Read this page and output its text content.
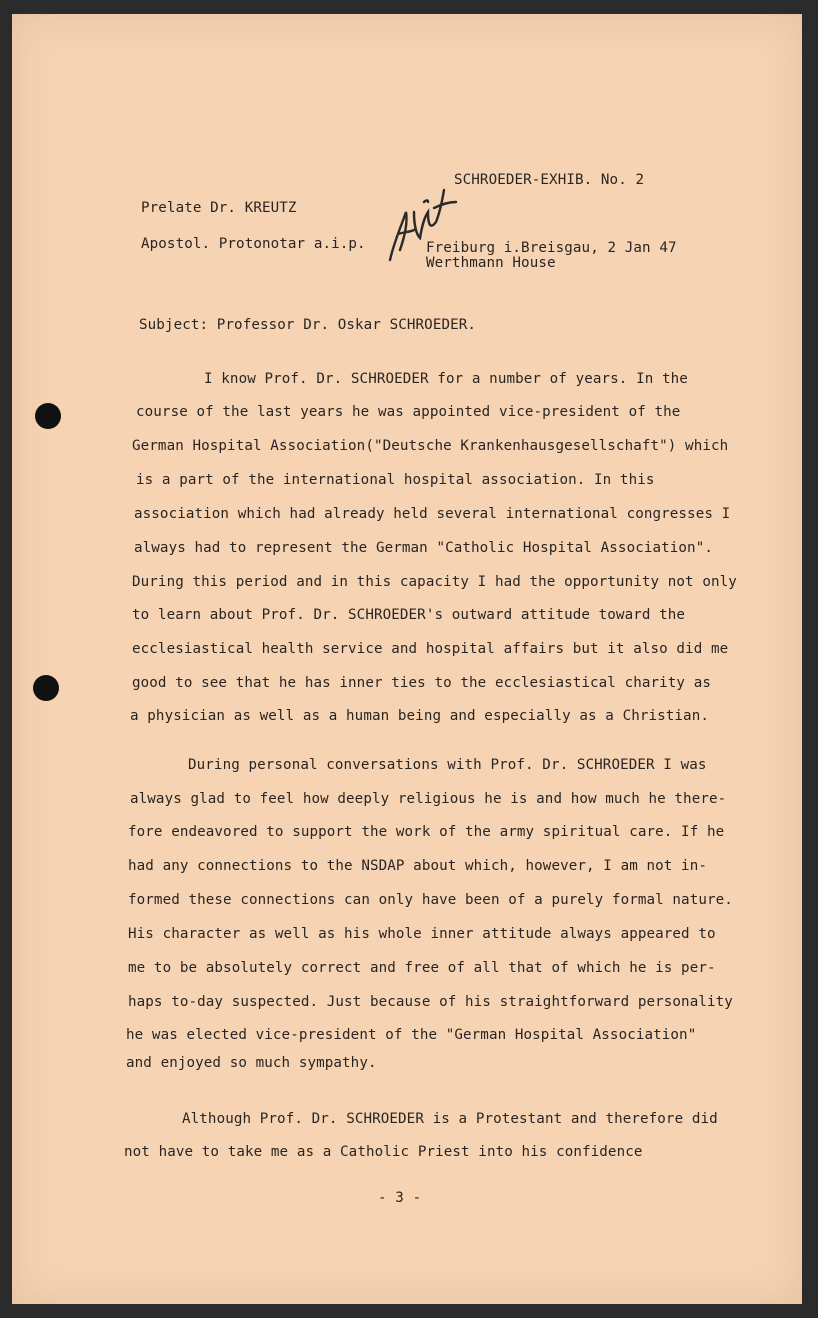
SCHROEDER-EXHIB. No. 2
Prelate Dr. KREUTZ
Apostol. Protonotar a.i.p.	Freiburg i.Breisgau, 2 Jan 47
Werthmann House
Subject: Professor Dr. Oskar SCHROEDER.
I know Prof. Dr. SCHROEDER for a number of years. In the
course of the last years he was appointed vice-president of the
German Hospital Association("Deutsche Krankenhausgesellschaft") which
is a part of the international hospital association. In this
association which had already held several international congresses I
always had to represent the German "Catholic Hospital Association".
During this period and in this capacity I had the opportunity not only
to learn about Prof. Dr. SCHROEDER's outward attitude toward the
ecclesiastical health service and hospital affairs but it also did me
good to see that he has inner ties to the ecclesiastical charity as
a physician as well as a human being and especially as a Christian.
During personal conversations with Prof. Dr. SCHROEDER I was
always glad to feel how deeply religious he is and how much he there-
fore endeavored to support the work of the army spiritual care. If he
had any connections to the NSDAP about which, however, I am not in-
formed these connections can only have been of a purely formal nature.
His character as well as his whole inner attitude always appeared to
me to be absolutely correct and free of all that of which he is per-
haps to-day suspected. Just because of his straightforward personality
he was elected vice-president of the "German Hospital Association"
and enjoyed so much sympathy.
Although Prof. Dr. SCHROEDER is a Protestant and therefore did
not have to take me as a Catholic Priest into his confidence
- 3 -
